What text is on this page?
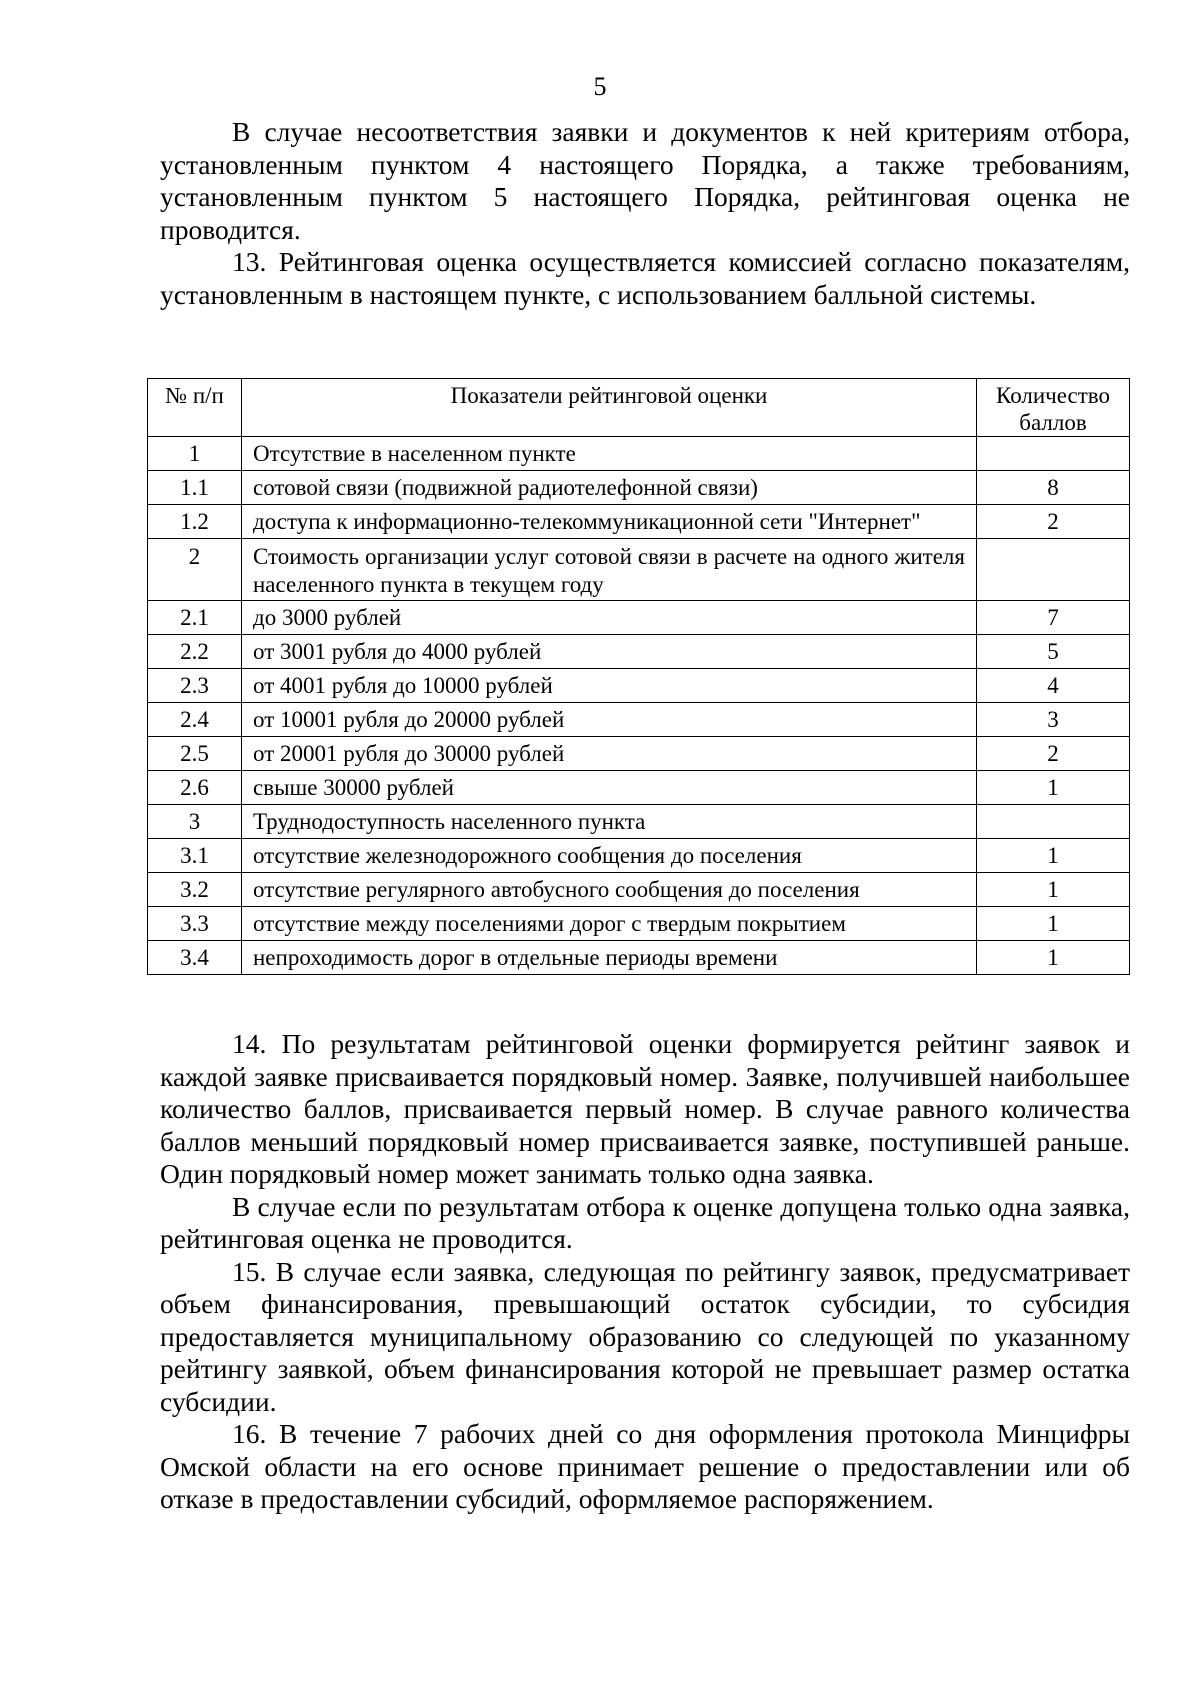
5

В случае несоответствия заявки и документов к ней критериям отбора, установленным пунктом 4 настоящего Порядка, а также требованиям, установленным пунктом 5 настоящего Порядка, рейтинговая оценка не проводится.

13. Рейтинговая оценка осуществляется комиссией согласно показателям, установленным в настоящем пункте, с использованием балльной системы.

№ п/п	Показатели рейтинговой оценки	Количество баллов
1	Отсутствие в населенном пункте	
1.1	сотовой связи (подвижной радиотелефонной связи)	8
1.2	доступа к информационно-телекоммуникационной сети "Интернет"	2
2	Стоимость организации услуг сотовой связи в расчете на одного жителя населенного пункта в текущем году	
2.1	до 3000 рублей	7
2.2	от 3001 рубля до 4000 рублей	5
2.3	от 4001 рубля до 10000 рублей	4
2.4	от 10001 рубля до 20000 рублей	3
2.5	от 20001 рубля до 30000 рублей	2
2.6	свыше 30000 рублей	1
3	Труднодоступность населенного пункта	
3.1	отсутствие железнодорожного сообщения до поселения	1
3.2	отсутствие регулярного автобусного сообщения до поселения	1
3.3	отсутствие между поселениями дорог с твердым покрытием	1
3.4	непроходимость дорог в отдельные периоды времени	1

14. По результатам рейтинговой оценки формируется рейтинг заявок и каждой заявке присваивается порядковый номер. Заявке, получившей наибольшее количество баллов, присваивается первый номер. В случае равного количества баллов меньший порядковый номер присваивается заявке, поступившей раньше. Один порядковый номер может занимать только одна заявка.

В случае если по результатам отбора к оценке допущена только одна заявка, рейтинговая оценка не проводится.

15. В случае если заявка, следующая по рейтингу заявок, предусматривает объем финансирования, превышающий остаток субсидии, то субсидия предоставляется муниципальному образованию со следующей по указанному рейтингу заявкой, объем финансирования которой не превышает размер остатка субсидии.

16. В течение 7 рабочих дней со дня оформления протокола Минцифры Омской области на его основе принимает решение о предоставлении или об отказе в предоставлении субсидий, оформляемое распоряжением.
